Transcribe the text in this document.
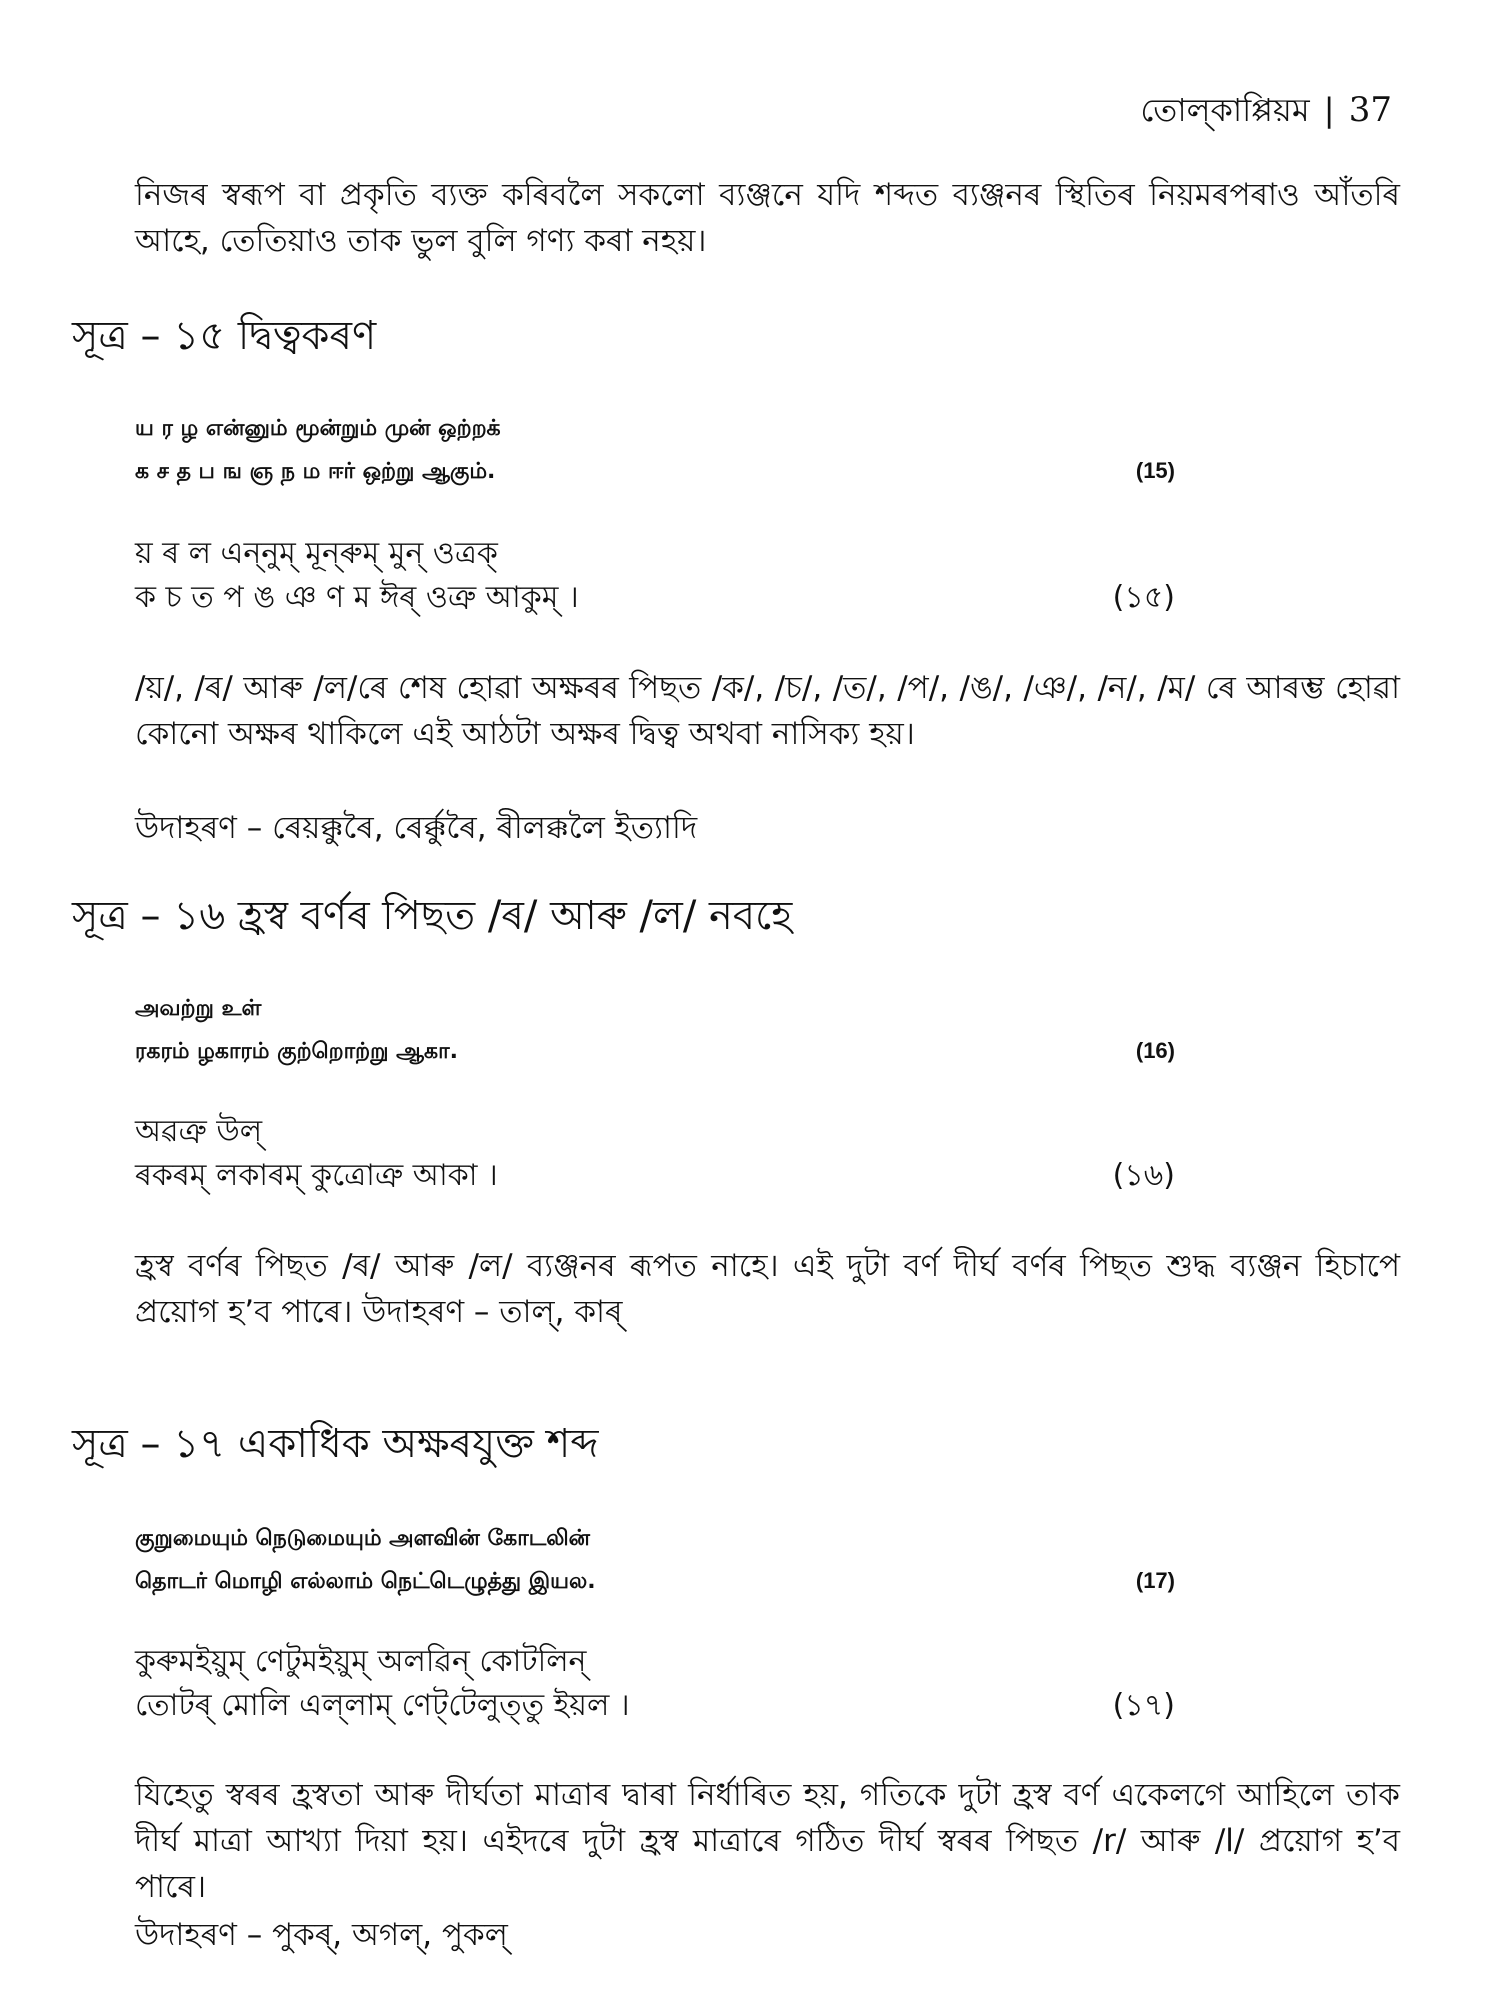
তোল্‌কাপ্পিয়ম | 37

নিজৰ স্বৰূপ বা প্ৰকৃতি ব্যক্ত কৰিবলৈ সকলো ব্যঞ্জনে যদি শব্দত ব্যঞ্জনৰ স্থিতিৰ নিয়মৰপৰাও আঁতৰি আহে, তেতিয়াও তাক ভুল বুলি গণ্য কৰা নহয়।

সূত্ৰ – ১৫ দ্বিত্বকৰণ
ய ர ழ என்னும் மூன்றும் முன் ஒற்றக்
க ச த ப ங ஞ ந ம ஈர் ஒற்று ஆகும்.	(15)
য় ৰ ল এন্‌নুম্‌ মূন্‌ৰুম্‌ মুন্‌ ওত্ৰক্‌
ক চ ত প ঙ ঞ ণ ম ঈৰ্‌ ওত্ৰু আকুম্‌ ।	(১৫)

/য়/, /ৰ/ আৰু /ল/ৰে শেষ হোৱা অক্ষৰৰ পিছত /ক/, /চ/, /ত/, /প/, /ঙ/, /ঞ/, /ন/, /ম/ ৰে আৰম্ভ হোৱা কোনো অক্ষৰ থাকিলে এই আঠটা অক্ষৰ দ্বিত্ব অথবা নাসিক্য হয়।

উদাহৰণ – ৰেয়ক্কুৰৈ, ৰেৰ্ক্কুৰৈ, ৰীলক্কলৈ ইত্যাদি
সূত্ৰ – ১৬ হ্ৰস্ব বৰ্ণৰ পিছত /ৰ/ আৰু /ল/ নবহে
அவற்று உள்
ரகரம் ழகாரம் குற்றொற்று ஆகா.	(16)
অৱত্ৰু উল্‌
ৰকৰম্‌ লকাৰম্‌ কুত্ৰোত্ৰু আকা ।	(১৬)

হ্ৰস্ব বৰ্ণৰ পিছত /ৰ/ আৰু /ল/ ব্যঞ্জনৰ ৰূপত নাহে। এই দুটা বৰ্ণ দীৰ্ঘ বৰ্ণৰ পিছত শুদ্ধ ব্যঞ্জন হিচাপে প্ৰয়োগ হ’ব পাৰে। উদাহৰণ – তাল্‌, কাৰ্‌

সূত্ৰ – ১৭ একাধিক অক্ষৰযুক্ত শব্দ
குறுமையும் நெடுமையும் அளவின் கோடலின்
தொடர் மொழி எல்லாம் நெட்டெழுத்து இயல.	(17)
কুৰুমইয়ুম্‌ ণেটুমইয়ুম্‌ অলৱিন্‌ কোটলিন্‌
তোটৰ্‌ মোলি এল্‌লাম্‌ ণেট্‌টেলুত্‌তু ইয়ল ।	(১৭)

যিহেতু স্বৰৰ হ্ৰস্বতা আৰু দীৰ্ঘতা মাত্ৰাৰ দ্বাৰা নিৰ্ধাৰিত হয়, গতিকে দুটা হ্ৰস্ব বৰ্ণ একেলগে আহিলে তাক দীৰ্ঘ মাত্ৰা আখ্যা দিয়া হয়। এইদৰে দুটা হ্ৰস্ব মাত্ৰাৰে গঠিত দীৰ্ঘ স্বৰৰ পিছত /r/ আৰু /l/ প্ৰয়োগ হ’ব পাৰে।

উদাহৰণ – পুকৰ্‌, অগল্‌, পুকল্‌
